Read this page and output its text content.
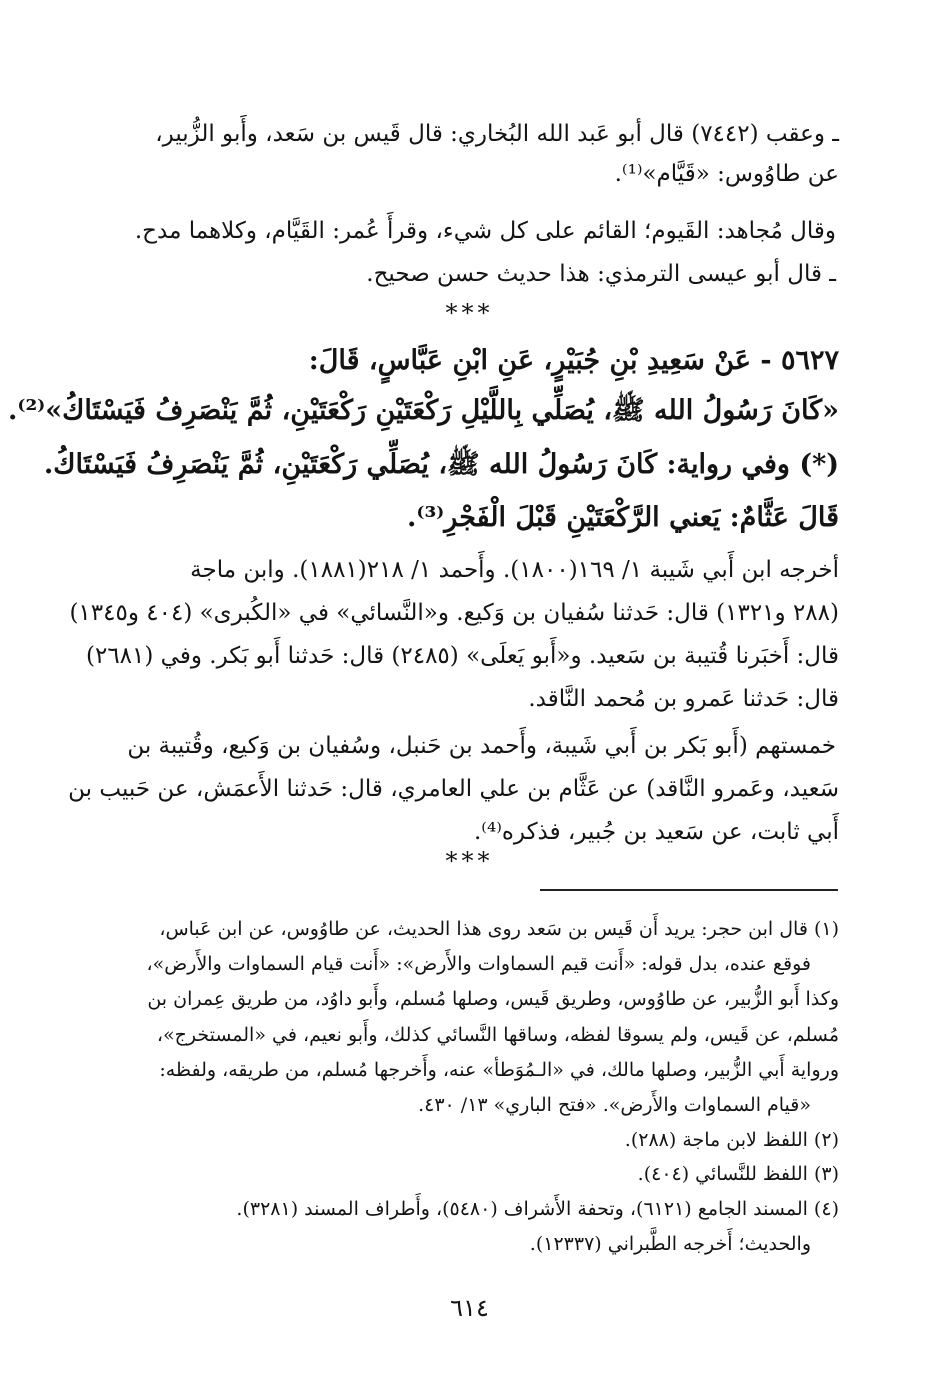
ـ وعقب (٧٤٤٢) قال أبو عَبد الله البُخاري: قال قَيس بن سَعد، وأَبو الزُّبير،
عن طاوُوس: «قَيَّام»⁽¹⁾.
وقال مُجاهد: القَيوم؛ القائم على كل شيء، وقرأَ عُمر: القَيَّام، وكلاهما مدح.
ـ قال أبو عيسى الترمذي: هذا حديث حسن صحيح.
***
٥٦٢٧ - عَنْ سَعِيدِ بْنِ جُبَيْرٍ، عَنِ ابْنِ عَبَّاسٍ، قَالَ:
«كَانَ رَسُولُ الله ﷺ، يُصَلِّي بِاللَّيْلِ رَكْعَتَيْنِ رَكْعَتَيْنِ، ثُمَّ يَنْصَرِفُ فَيَسْتَاكُ»⁽²⁾.
(*) وفي رواية: كَانَ رَسُولُ الله ﷺ، يُصَلِّي رَكْعَتَيْنِ، ثُمَّ يَنْصَرِفُ فَيَسْتَاكُ.
قَالَ عَثَّامٌ: يَعني الرَّكْعَتَيْنِ قَبْلَ الْفَجْرِ⁽³⁾.
أخرجه ابن أَبي شَيبة ١/ ١٦٩(١٨٠٠). وأَحمد ١/ ٢١٨(١٨٨١). وابن ماجة
(٢٨٨ و١٣٢١) قال: حَدثنا سُفيان بن وَكيع. و«النَّسائي» في «الكُبرى» (٤٠٤ و١٣٤٥)
قال: أَخبَرنا قُتيبة بن سَعيد. و«أَبو يَعلَى» (٢٤٨٥) قال: حَدثنا أَبو بَكر. وفي (٢٦٨١)
قال: حَدثنا عَمرو بن مُحمد النَّاقد.
خمستهم (أَبو بَكر بن أَبي شَيبة، وأَحمد بن حَنبل، وسُفيان بن وَكيع، وقُتيبة بن
سَعيد، وعَمرو النَّاقد) عن عَثَّام بن علي العامري، قال: حَدثنا الأَعمَش، عن حَبيب بن
أَبي ثابت، عن سَعيد بن جُبير، فذكره⁽⁴⁾.
***
(١) قال ابن حجر: يريد أَن قَيس بن سَعد روى هذا الحديث، عن طاوُوس، عن ابن عَباس،
فوقع عنده، بدل قوله: «أَنت قيم السماوات والأَرض»: «أَنت قيام السماوات والأَرض»،
وكذا أَبو الزُّبير، عن طاوُوس، وطريق قَيس، وصلها مُسلم، وأَبو داوُد، من طريق عِمران بن
مُسلم، عن قَيس، ولم يسوقا لفظه، وساقها النَّسائي كذلك، وأَبو نعيم، في «المستخرج»،
ورواية أَبي الزُّبير، وصلها مالك، في «الـمُوَطأ» عنه، وأَخرجها مُسلم، من طريقه، ولفظه:
«قيام السماوات والأَرض». «فتح الباري» ١٣/ ٤٣٠.
(٢) اللفظ لابن ماجة (٢٨٨).
(٣) اللفظ للنَّسائي (٤٠٤).
(٤) المسند الجامع (٦١٢١)، وتحفة الأَشراف (٥٤٨٠)، وأَطراف المسند (٣٢٨١).
والحديث؛ أَخرجه الطَّبراني (١٢٣٣٧).
٦١٤
